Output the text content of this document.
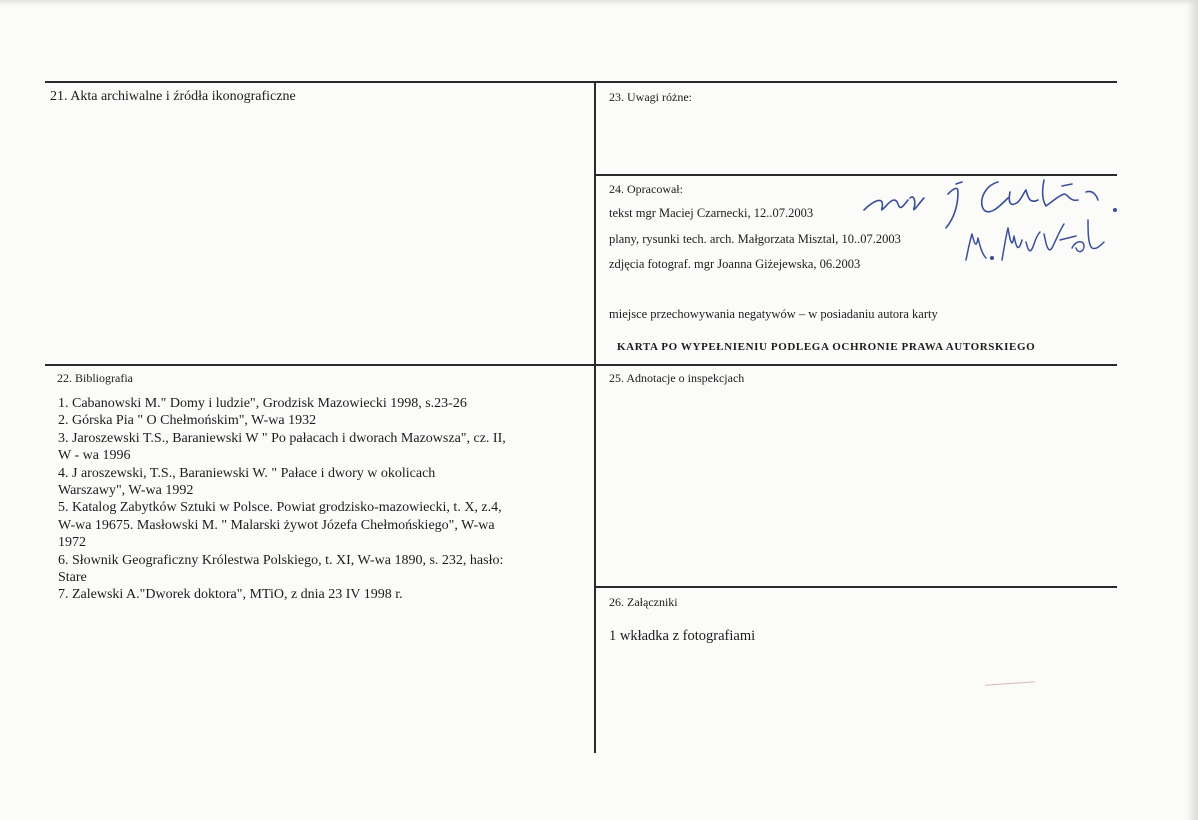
21. Akta archiwalne i źródła ikonograficzne	23. Uwagi różne:
24. Opracował:
tekst mgr Maciej Czarnecki, 12..07.2003
plany, rysunki tech. arch. Małgorzata Misztal, 10..07.2003
zdjęcia fotograf. mgr Joanna Giżejewska, 06.2003
miejsce przechowywania negatywów – w posiadaniu autora karty
KARTA PO WYPEŁNIENIU PODLEGA OCHRONIE PRAWA AUTORSKIEGO
22. Bibliografia
1. Cabanowski M." Domy i ludzie", Grodzisk Mazowiecki 1998, s.23-26
2. Górska Pia " O Chełmońskim", W-wa 1932
3. Jaroszewski T.S., Baraniewski W " Po pałacach i dworach Mazowsza", cz. II,
W - wa 1996
4. J aroszewski, T.S., Baraniewski W. " Pałace i dwory w okolicach
Warszawy", W-wa 1992
5. Katalog Zabytków Sztuki w Polsce. Powiat grodzisko-mazowiecki, t. X, z.4,
W-wa 19675. Masłowski M. " Malarski żywot Józefa Chełmońskiego", W-wa
1972
6. Słownik Geograficzny Królestwa Polskiego, t. XI, W-wa 1890, s. 232, hasło:
Stare
7. Zalewski A."Dworek doktora", MTiO, z dnia 23 IV 1998 r.
25. Adnotacje o inspekcjach
26. Załączniki
1 wkładka z fotografiami
